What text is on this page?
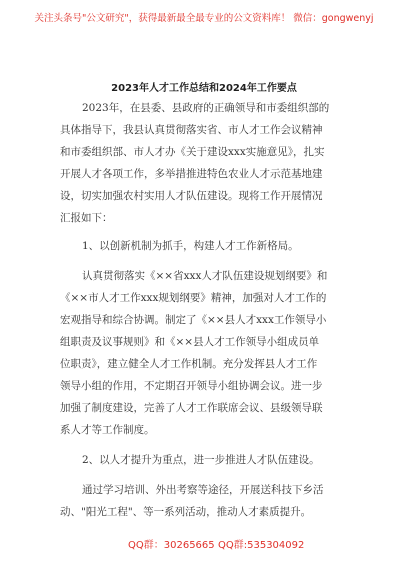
关注头条号"公文研究"，获得最新最全最专业的公文资料库！ 微信：gongwenyj
2023年人才工作总结和2024年工作要点
2023年，在县委、县政府的正确领导和市委组织部的
具体指导下，我县认真贯彻落实省、市人才工作会议精神
和市委组织部、市人才办《关于建设xxx实施意见》，扎实
开展人才各项工作，多举措推进特色农业人才示范基地建
设，切实加强农村实用人才队伍建设。现将工作开展情况
汇报如下：
1、以创新机制为抓手，构建人才工作新格局。
认真贯彻落实《××省xxx人才队伍建设规划纲要》和
《××市人才工作xxx规划纲要》精神，加强对人才工作的
宏观指导和综合协调。制定了《××县人才xxx工作领导小
组职责及议事规则》和《××县人才工作领导小组成员单
位职责》，建立健全人才工作机制。充分发挥县人才工作
领导小组的作用，不定期召开领导小组协调会议。进一步
加强了制度建设，完善了人才工作联席会议、县级领导联
系人才等工作制度。
2、以人才提升为重点，进一步推进人才队伍建设。
通过学习培训、外出考察等途径，开展送科技下乡活
动、"阳光工程"、等一系列活动，推动人才素质提升。
QQ群：30265665 QQ群:535304092
